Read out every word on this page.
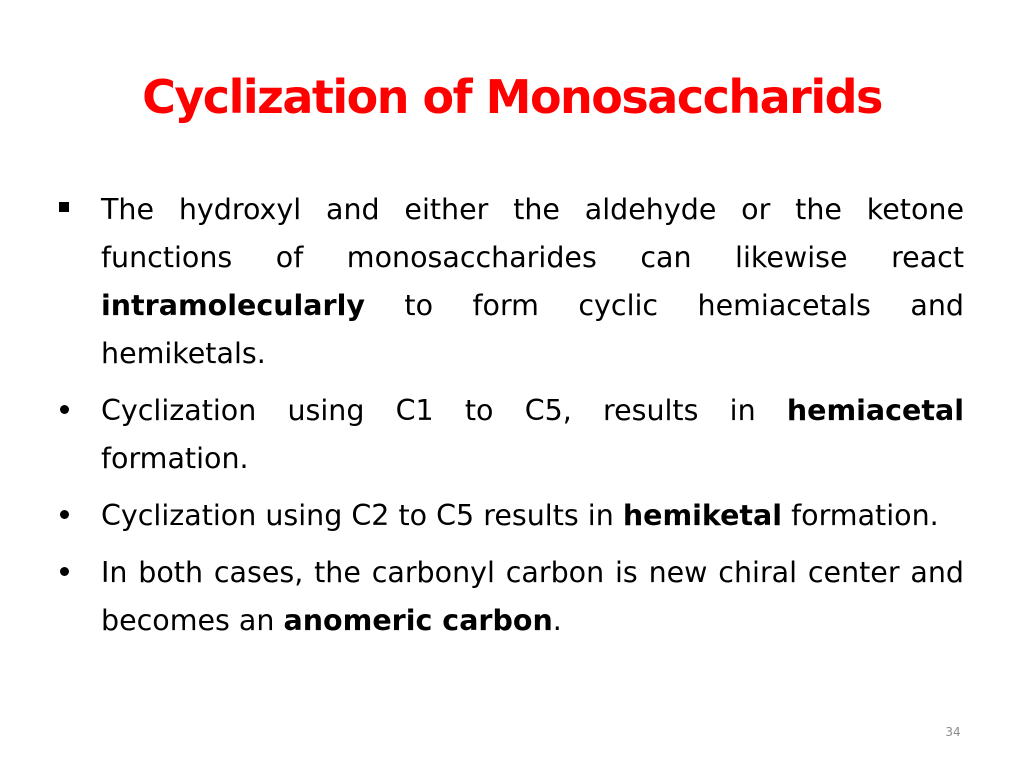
Cyclization of Monosaccharids
The hydroxyl and either the aldehyde or the ketone functions of monosaccharides can likewise react intramolecularly to form cyclic hemiacetals and hemiketals.
Cyclization using C1 to C5, results in hemiacetal formation.
Cyclization using C2 to C5 results in hemiketal formation.
In both cases, the carbonyl carbon is new chiral center and becomes an anomeric carbon.
34
